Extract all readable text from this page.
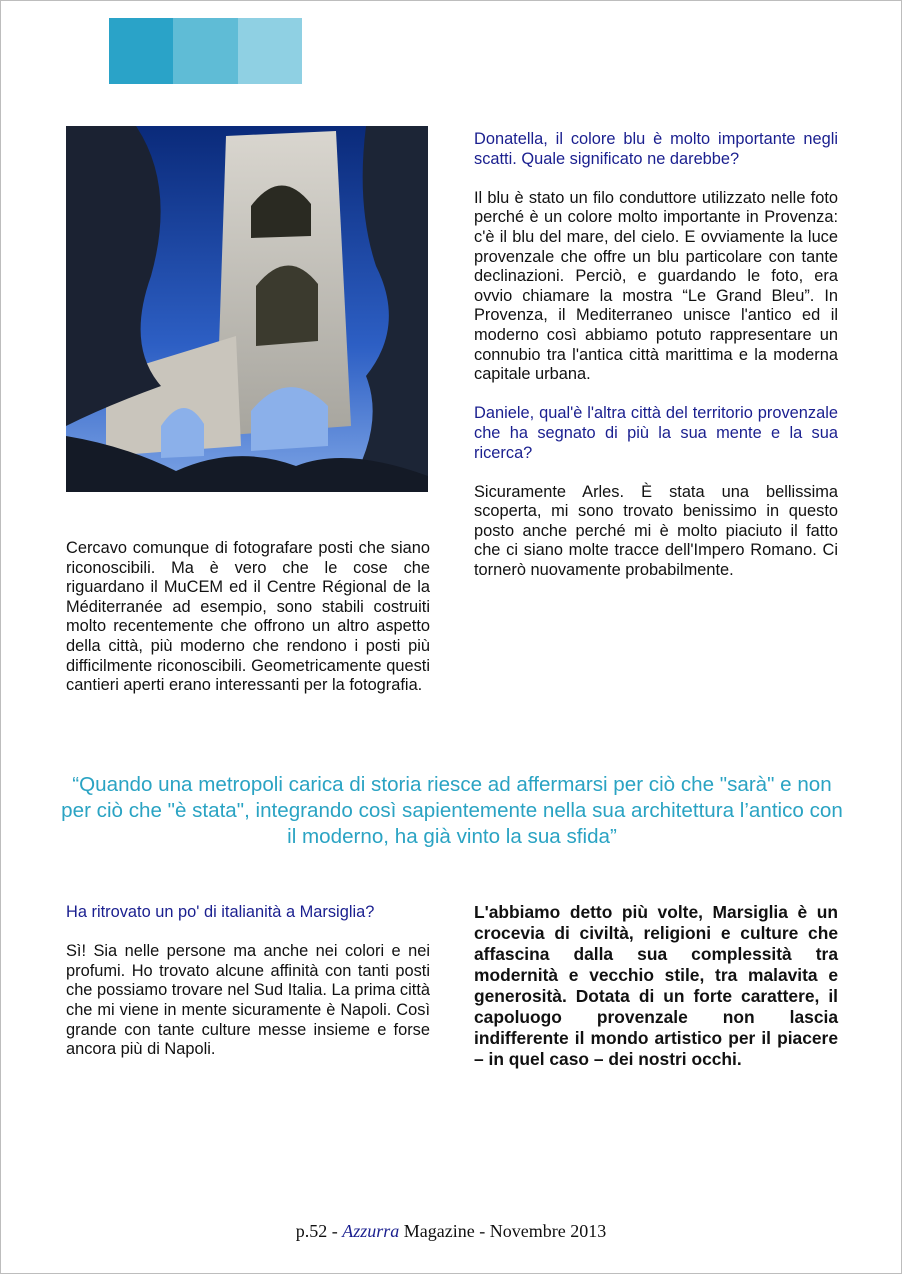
Cercavo comunque di fotografare posti che siano riconoscibili. Ma è vero che le cose che riguardano il MuCEM ed il Centre Régional de la Méditerranée ad esempio, sono stabili costruiti molto recentemente che offrono un altro aspetto della città, più moderno che rendono i posti più difficilmente riconoscibili. Geometricamente questi cantieri aperti erano interessanti per la fotografia.

Donatella, il colore blu è molto importante negli scatti. Quale significato ne darebbe?

Il blu è stato un filo conduttore utilizzato nelle foto perché è un colore molto importante in Provenza: c'è il blu del mare, del cielo. E ovviamente la luce provenzale che offre un blu particolare con tante declinazioni. Perciò, e guardando le foto, era ovvio chiamare la mostra “Le Grand Bleu”. In Provenza, il Mediterraneo unisce l'antico ed il moderno così abbiamo potuto rappresentare un connubio tra l'antica città marittima e la moderna capitale urbana.

Daniele, qual'è l'altra città del territorio provenzale che ha segnato di più la sua mente e la sua ricerca?

Sicuramente Arles. È stata una bellissima scoperta, mi sono trovato benissimo in questo posto anche perché mi è molto piaciuto il fatto che ci siano molte tracce dell'Impero Romano. Ci tornerò nuovamente probabilmente.

“Quando una metropoli carica di storia riesce ad affermarsi per ciò che "sarà" e non per ciò che "è stata", integrando così sapientemente nella sua architettura l’antico con il moderno, ha già vinto la sua sfida”

Ha ritrovato un po' di italianità a Marsiglia?

Sì! Sia nelle persone ma anche nei colori e nei profumi. Ho trovato alcune affinità con tanti posti che possiamo trovare nel Sud Italia. La prima città che mi viene in mente sicuramente è Napoli. Così grande con tante culture messe insieme e forse ancora più di Napoli.

L'abbiamo detto più volte, Marsiglia è un crocevia di civiltà, religioni e culture che affascina dalla sua complessità tra modernità e vecchio stile, tra malavita e generosità. Dotata di un forte carattere, il capoluogo provenzale non lascia indifferente il mondo artistico per il piacere – in quel caso – dei nostri occhi.

p.52 - Azzurra Magazine - Novembre 2013
